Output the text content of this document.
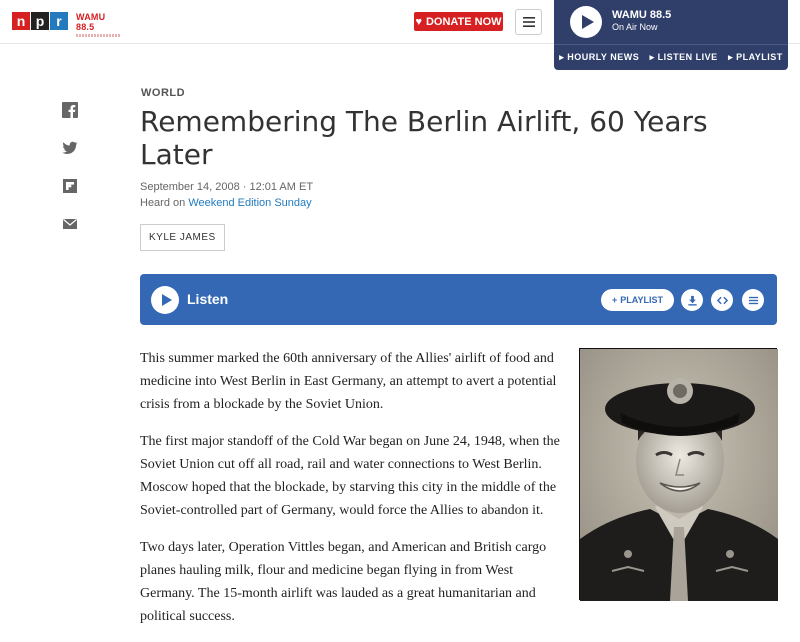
n p r	WAMU 88.5	♥ DONATE NOW
WAMU 88.5
On Air Now
▸ HOURLY NEWS ▸ LISTEN LIVE ▸ PLAYLIST
WORLD
Remembering The Berlin Airlift, 60 Years Later
September 14, 2008 · 12:01 AM ET
Heard on Weekend Edition Sunday
KYLE JAMES
Listen	+ PLAYLIST

This summer marked the 60th anniversary of the Allies' airlift of food and medicine into West Berlin in East Germany, an attempt to avert a potential crisis from a blockade by the Soviet Union.

The first major standoff of the Cold War began on June 24, 1948, when the Soviet Union cut off all road, rail and water connections to West Berlin. Moscow hoped that the blockade, by starving this city in the middle of the Soviet-controlled part of Germany, would force the Allies to abandon it.

Two days later, Operation Vittles began, and American and British cargo planes hauling milk, flour and medicine began flying in from West Germany. The 15-month airlift was lauded as a great humanitarian and political success.
